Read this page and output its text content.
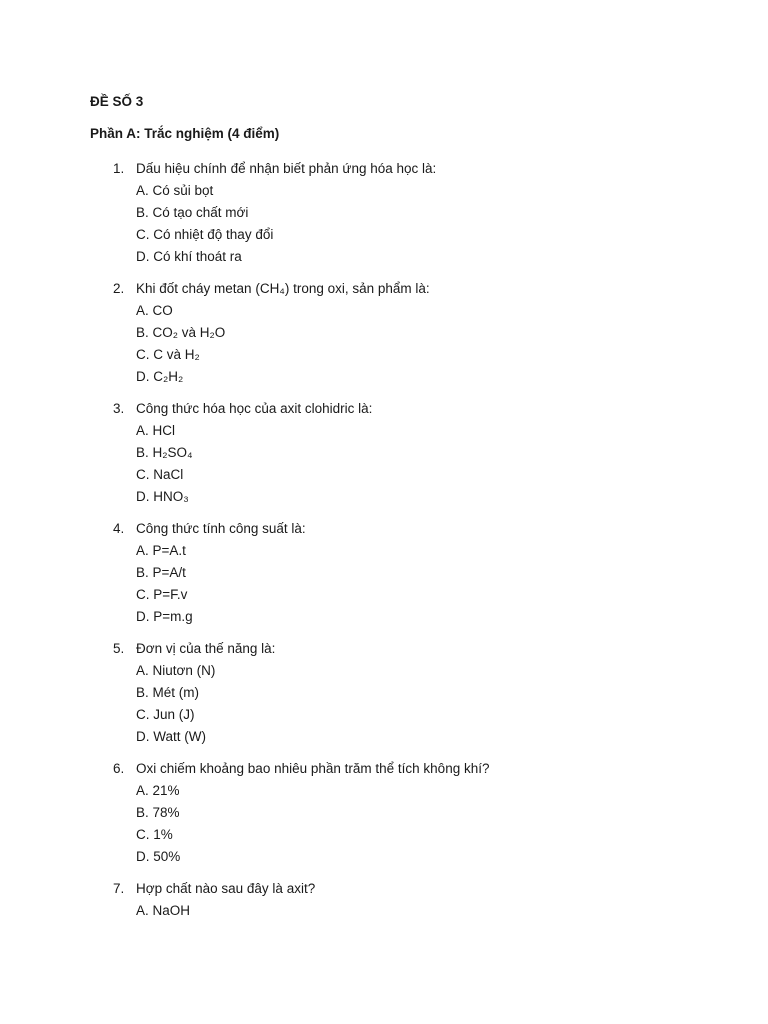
ĐỀ SỐ 3
Phần A: Trắc nghiệm (4 điểm)
1. Dấu hiệu chính để nhận biết phản ứng hóa học là:
A. Có sủi bọt
B. Có tạo chất mới
C. Có nhiệt độ thay đổi
D. Có khí thoát ra
2. Khi đốt cháy metan (CH₄) trong oxi, sản phẩm là:
A. CO
B. CO₂ và H₂O
C. C và H₂
D. C₂H₂
3. Công thức hóa học của axit clohidric là:
A. HCl
B. H₂SO₄
C. NaCl
D. HNO₃
4. Công thức tính công suất là:
A. P=A.t
B. P=A/t
C. P=F.v
D. P=m.g
5. Đơn vị của thế năng là:
A. Niutơn (N)
B. Mét (m)
C. Jun (J)
D. Watt (W)
6. Oxi chiếm khoảng bao nhiêu phần trăm thể tích không khí?
A. 21%
B. 78%
C. 1%
D. 50%
7. Hợp chất nào sau đây là axit?
A. NaOH
